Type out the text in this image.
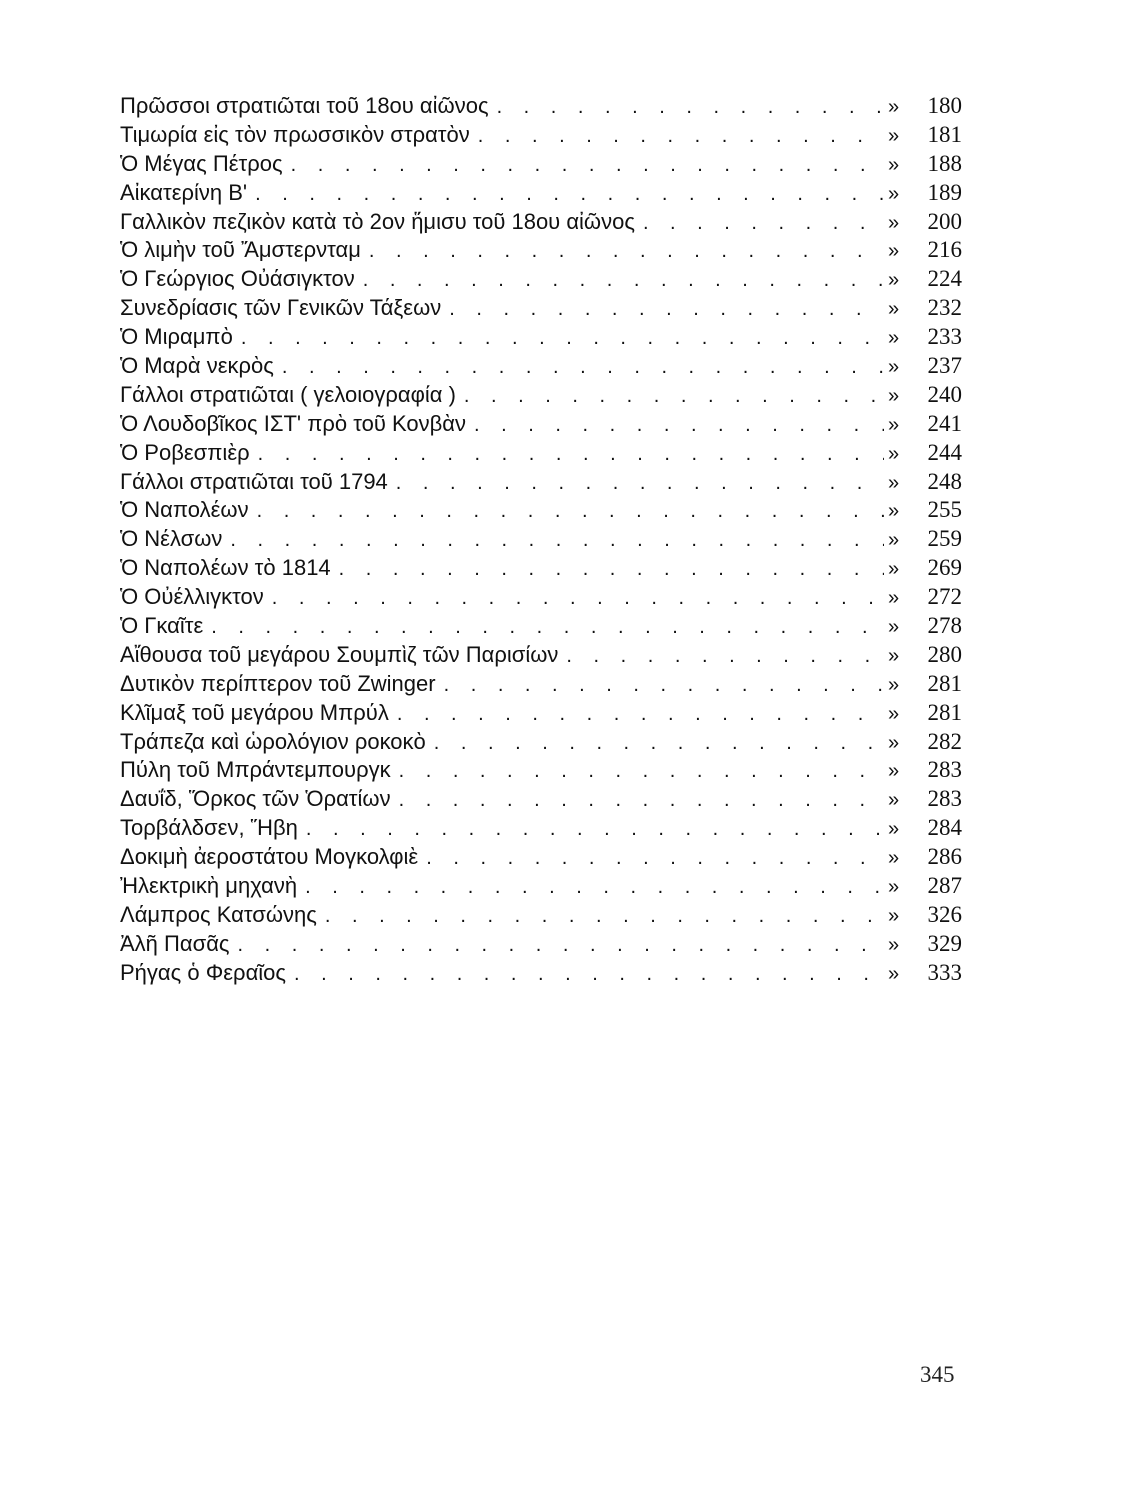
Πρῶσσοι στρατιῶται τοῦ 18ου αἰῶνος . . .	»	180
Τιμωρία εἰς τὸν πρωσσικὸν στρατὸν . . .	»	181
Ὁ Μέγας Πέτρος . . .	»	188
Αἰκατερίνη Β' . . .	»	189
Γαλλικὸν πεζικὸν κατὰ τὸ 2ον ἥμισυ τοῦ 18ου αἰῶνος . . .	»	200
Ὁ λιμὴν τοῦ Ἄμστερνταμ . . .	»	216
Ὁ Γεώργιος Οὐάσιγκτον . . .	»	224
Συνεδρίασις τῶν Γενικῶν Τάξεων . . .	»	232
Ὁ Μιραμπὸ . . .	»	233
Ὁ Μαρὰ νεκρὸς . . .	»	237
Γάλλοι στρατιῶται ( γελοιογραφία ) . . .	»	240
Ὁ Λουδοβῖκος ΙΣΤ' πρὸ τοῦ Κονβὰν . . .	»	241
Ὁ Ροβεσπιὲρ . . .	»	244
Γάλλοι στρατιῶται τοῦ 1794 . . .	»	248
Ὁ Ναπολέων . . .	»	255
Ὁ Νέλσων . . .	»	259
Ὁ Ναπολέων τὸ 1814 . . .	»	269
Ὁ Οὐέλλιγκτον . . .	»	272
Ὁ Γκαῖτε . . .	»	278
Αἴθουσα τοῦ μεγάρου Σουμπὶζ τῶν Παρισίων . . .	»	280
Δυτικὸν περίπτερον τοῦ Zwinger . . .	»	281
Κλῖμαξ τοῦ μεγάρου Μπρύλ . . .	»	281
Τράπεζα καὶ ὡρολόγιον ροκοκὸ . . .	»	282
Πύλη τοῦ Μπράντεμπουργκ . . .	»	283
Δαυΐδ, Ὅρκος τῶν Ὁρατίων . . .	»	283
Τορβάλδσεν, Ἥβη . . .	»	284
Δοκιμὴ ἀεροστάτου Μογκολφιὲ . . .	»	286
Ἠλεκτρικὴ μηχανὴ . . .	»	287
Λάμπρος Κατσώνης . . .	»	326
Ἀλῆ Πασᾶς . . .	»	329
Ρήγας ὁ Φεραῖος . . .	»	333
345
